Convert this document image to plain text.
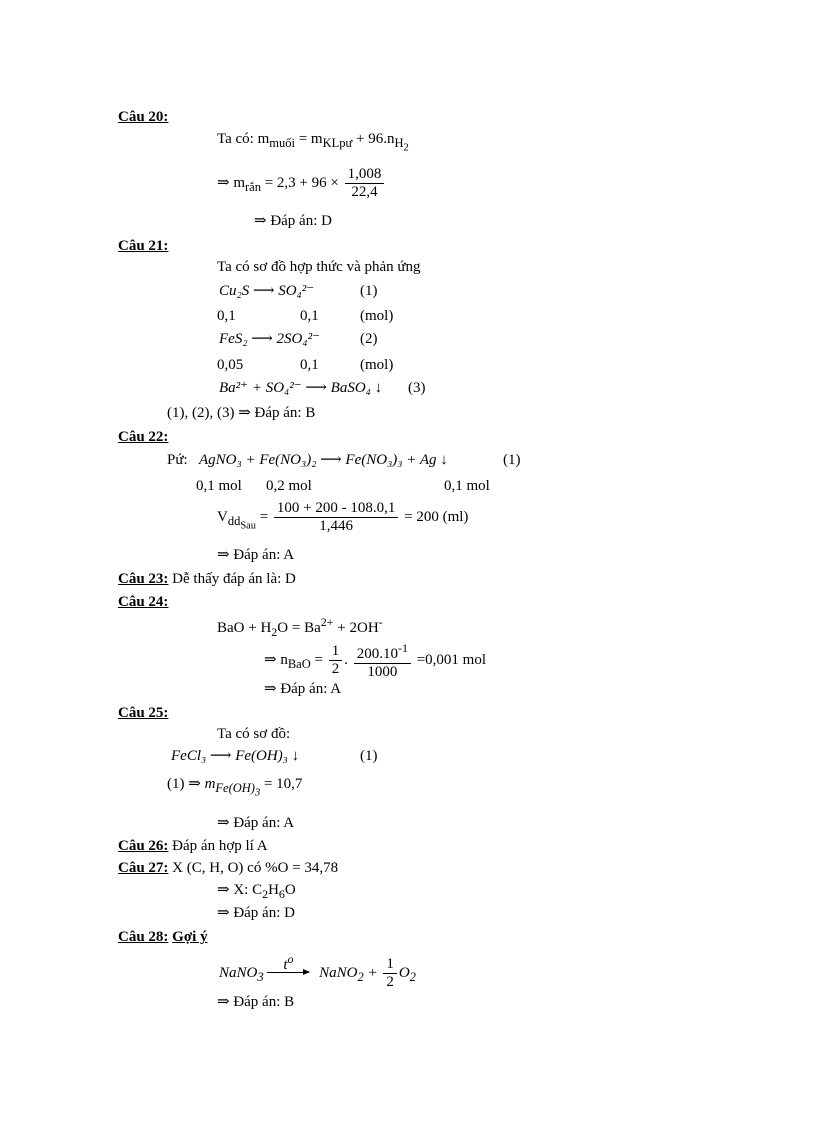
Câu 20:
Ta có: $m_{muối} = m_{KLpư} + 96.n_{H_2}$
⇒ $m_{rắn} = 2,3 + 96 \times \frac{1,008}{22,4}$
⇒ Đáp án: D
Câu 21:
Ta có sơ đồ hợp thức và phản ứng
Cu₂S ⟶ SO₄²⁻	(1)
0,1	0,1	(mol)
FeS₂ ⟶ 2SO₄²⁻	(2)
0,05	0,1	(mol)
Ba²⁺ + SO₄²⁻ ⟶ BaSO₄ ↓ (3)
(1), (2), (3) ⇒ Đáp án: B
Câu 22:
Pứ: AgNO₃ + Fe(NO₃)₂ ⟶ Fe(NO₃)₃ + Ag ↓	(1)
0,1 mol 0,2 mol	0,1 mol
$V_{dd_{Sau}} = \frac{100 + 200 - 108.0,1}{1,446} = 200$ (ml)
⇒ Đáp án: A
Câu 23: Dễ thấy đáp án là: D
Câu 24:
BaO + $H_2O = Ba^{2+} + 2OH^-$
⇒ $n_{BaO} = \frac{1}{2}$ . $\frac{200.10^{-1}}{1000} =0,001$ mol
⇒ Đáp án: A
Câu 25:
Ta có sơ đồ:
FeCl₃ ⟶ Fe(OH)₃ ↓	(1)
(1) ⇒ $m_{Fe(OH)_3} = 10,7$
⇒ Đáp án: A
Câu 26: Đáp án hợp lí A
Câu 27: X (C, H, O) có %O = 34,78
⇒ X: $C_2H_6O$
⇒ Đáp án: D
Câu 28: Gợi ý
NaNO$_3$
$t^o$
NaNO$_2$ + $\frac{1}{2} O_2$
⇒ Đáp án: B
